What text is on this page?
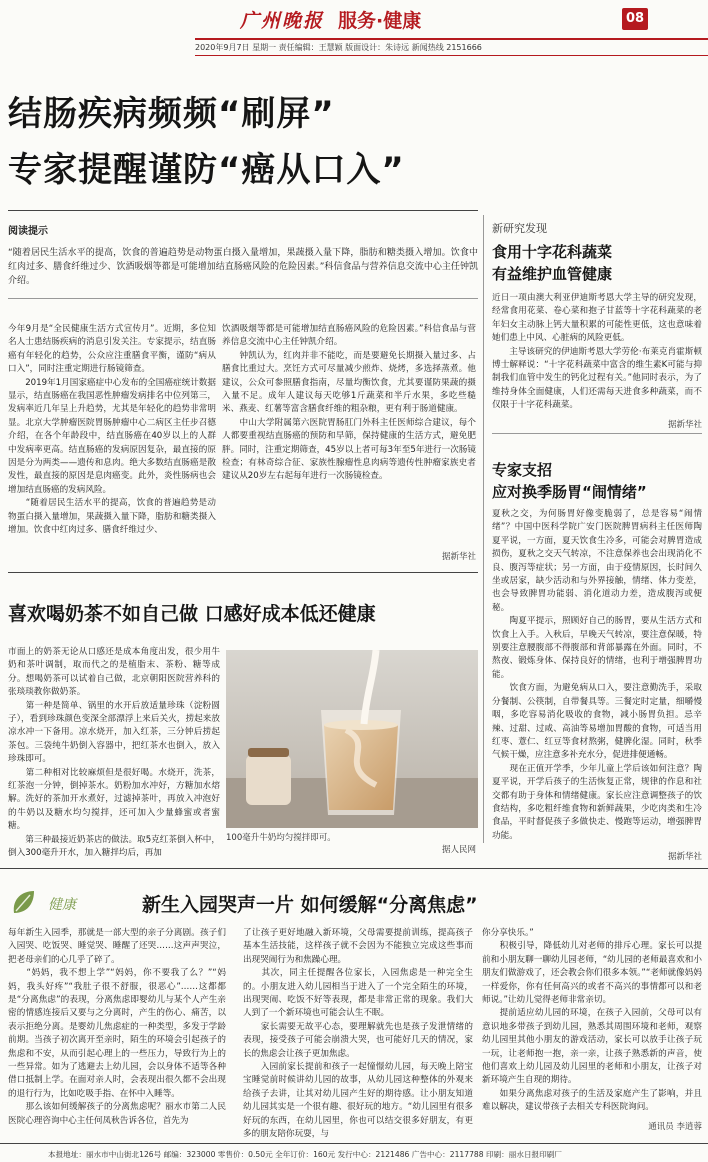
广州晚报 服务·健康	08
2020年9月7日 星期一 责任编辑：王慧颖 版面设计：朱诗远 新闻热线 2151666
结肠疾病频频“刷屏”
专家提醒谨防“癌从口入”
阅读提示
“随着居民生活水平的提高，饮食的普遍趋势是动物蛋白摄入量增加，果蔬摄入量下降，脂肪和糖类摄入增加。饮食中红肉过多、膳食纤维过少、饮酒吸烟等都是可能增加结直肠癌风险的危险因素。”科信食品与营养信息交流中心主任钟凯介绍。
今年9月是“全民健康生活方式宣传月”。近期，多位知名人士患结肠疾病的消息引发关注。专家提示，结直肠癌有年轻化的趋势，公众应注重膳食平衡，谨防“病从口入”，同时注重定期进行肠镜筛查。
　　2019年1月国家癌症中心发布的全国癌症统计数据显示，结直肠癌在我国恶性肿瘤发病排名中位列第三，发病率近几年呈上升趋势，尤其是年轻化的趋势非常明显。北京大学肿瘤医院胃肠肿瘤中心二病区主任步召德介绍，在各个年龄段中，结直肠癌在40岁以上的人群中发病率更高。结直肠癌的发病原因复杂，最直接的原因是分为两类——遗传和息肉。绝大多数结直肠癌是散发性，最直接的原因是息肉癌变。此外，炎性肠病也会增加结直肠癌的发病风险。
　　“随着居民生活水平的提高，饮食的普遍趋势是动物蛋白摄入量增加，果蔬摄入量下降，脂肪和糖类摄入增加。饮食中红肉过多、膳食纤维过少、
饮酒吸烟等都是可能增加结直肠癌风险的危险因素。”科信食品与营养信息交流中心主任钟凯介绍。
　　钟凯认为，红肉并非不能吃，而是要避免长期摄入量过多、占膳食比重过大。烹饪方式可尽量减少煎炸、烧烤，多选择蒸煮。他建议，公众可参照膳食指南，尽量均衡饮食，尤其要谨防果蔬的摄入量不足。成年人建议每天吃够1斤蔬菜和半斤水果，多吃些糙米、燕麦、红薯等富含膳食纤维的粗杂粮，更有利于肠道健康。
　　中山大学附属第六医院胃肠肛门外科主任医师综合建议，每个人都要重视结直肠癌的预防和早筛，保持健康的生活方式，避免肥胖。同时，注重定期筛查，45岁以上者可每3年至5年进行一次肠镜检查；有林奇综合征、家族性腺瘤性息肉病等遗传性肿瘤家族史者建议从20岁左右起每年进行一次肠镜检查。
据新华社
喜欢喝奶茶不如自己做 口感好成本低还健康
市面上的奶茶无论从口感还是成本角度出发，很少用牛奶和茶叶调制，取而代之的是植脂末、茶粉、糖等成分。想喝奶茶可以试着自己做，北京朝阳医院营养科的张琰琰教你做奶茶。
　　第一种是简单、锅里的水开后放适量珍珠（淀粉圆子），看到珍珠颜色变深全部漂浮上来后关火，捞起来放凉水冲一下备用。凉水烧开，加入红茶，三分钟后捞起茶包。三袋纯牛奶倒入容器中，把红茶水也倒入，放入珍珠即可。
　　第二种相对比较麻烦但是很好喝。水烧开，洗茶，红茶泡一分钟，倒掉茶水。奶粉加水冲好，方糖加水熔解。洗好的茶加开水煮好，过滤掉茶叶，再放入冲泡好的牛奶以及糖水均匀搅拌，还可加入少量蜂蜜或者蜜糖。
　　第三种最接近奶茶店的做法。取5克红茶倒入杯中，倒入300毫升开水，加入糖拌均后，再加
100毫升牛奶均匀搅拌即可。
据人民网
新研究发现
食用十字花科蔬菜
有益维护血管健康
近日一项由澳大利亚伊迪斯考恩大学主导的研究发现，经常食用花菜、卷心菜和抱子甘蓝等十字花科蔬菜的老年妇女主动脉上钙大量积累的可能性更低，这也意味着她们患上中风、心脏病的风险更低。
　　主导该研究的伊迪斯考恩大学劳伦·布莱克肖霍斯顿博士解释说：“十字花科蔬菜中富含的维生素K可能与抑制我们血管中发生的钙化过程有关。”他同时表示，为了维持身体全面健康，人们还需每天进食多种蔬菜，而不仅限于十字花科蔬菜。
据新华社
专家支招
应对换季肠胃“闹情绪”
夏秋之交，为何肠胃好像变脆弱了，总是容易“闹情绪”？中国中医科学院广安门医院脾胃病科主任医师陶夏平说，一方面，夏天饮食生冷多，可能会对脾胃造成损伤，夏秋之交天气转凉，不注意保养也会出现消化不良、腹泻等症状；另一方面，由于疫情原因，长时间久坐或居家，缺少活动和与外界接触，情绪、体力变差，也会导致脾胃功能弱、消化道动力差，造成腹泻或便秘。
　　陶夏平提示，照顾好自己的肠胃，要从生活方式和饮食上入手。入秋后，早晚天气转凉，要注意保暖，特别要注意腰腹部不得腹部和背部暴露在外面。同时，不熬夜、锻炼身体、保持良好的情绪，也利于增强脾胃功能。
　　饮食方面，为避免病从口入，要注意勤洗手，采取分餐制、公筷制，自带餐具等。三餐定时定量，细嚼慢咽，多吃容易消化吸收的食物，减小肠胃负担。忌辛辣、过甜、过咸、高油等易增加胃酸的食物，可适当用红枣、薏仁、红豆等食材熬粥，健脾化湿。同时，秋季气候干燥，应注意多补充水分，促进排便通畅。
　　现在正值开学季，少年儿童上学后该如何注意？陶夏平说，开学后孩子的生活恢复正常，规律的作息和社交都有助于身体和情绪健康。家长应注意调整孩子的饮食结构，多吃粗纤维食物和新鲜蔬果，少吃肉类和生冷食品，平时督促孩子多做快走、慢跑等运动，增强脾胃功能。
据新华社
健康	新生入园哭声一片 如何缓解“分离焦虑”
每年新生入园季，那就是一部大型的亲子分离剧。孩子们入园哭、吃饭哭、睡觉哭、睡醒了还哭……这声声哭泣，把老母亲们的心几乎了碎了。
　　“妈妈，我不想上学”“妈妈，你不要我了么？”“妈妈，我头好疼”“我肚子很不舒服，很恶心”……这都都是“分离焦虑”的表现，分离焦虑即婴幼儿与某个人产生亲密的情感连接后又要与之分离时，产生的伤心、痛苦，以表示拒绝分离。是婴幼儿焦虑症的一种类型，多发于学龄前期。当孩子初次离开至亲时，陌生的环境会引起孩子的焦虑和不安，从而引起心理上的一些压力，导致行为上的一些异常。如为了逃避去上幼儿园，会以身体不适等各种借口抵制上学。在面对亲人时，会表现出很久都不会出现的退行行为，比如吃吸手指、在怀中入睡等。
　　那么该如何缓解孩子的分离焦虑呢？丽水市第二人民医院心理咨询中心主任何凤秋告诉各位，首先为
了让孩子更好地融入新环境，父母需要提前训练，提高孩子基本生活技能，这样孩子就不会因为不能独立完成这些事而出现哭闹行为和焦躁心理。
　　其次，同主任提醒各位家长，入园焦虑是一种完全生的。小朋友进入幼儿园相当于进入了一个完全陌生的环境，出现哭闹、吃饭不好等表现，都是非常正常的现象。我们大人到了一个新环境也可能会认生不眠。
　　家长需要无故平心态，要理解就先也是孩子发泄情绪的表现，接受孩子可能会崩溃大哭，也可能好几天的情况，家长的焦虑会让孩子更加焦虑。
　　入园前家长提前和孩子一起憧憬幼儿园，每天晚上陪宝宝睡觉前时候讲幼儿园的故事，从幼儿园这种整体的外观来给孩子去讲，让其对幼儿园产生好的期待感。让小朋友知道幼儿园其实是一个很有趣、很好玩的地方。“幼儿园里有很多好玩的东西，在幼儿园里，你也可以结交很多好朋友，有更多的朋友陪你玩耍，与
你分享快乐。”
　　积极引导，降低幼儿对老师的排斥心理。家长可以提前和小朋友聊一聊幼儿园老师，“幼儿园的老师最喜欢和小朋友们做游戏了，还会教会你们很多本领。”“老师就像妈妈一样爱你，你有任何高兴的或者不高兴的事情都可以和老师说。”让幼儿觉得老师非常亲切。
　　提前适应幼儿园的环境，在孩子入园前，父母可以有意识地多带孩子到幼儿园，熟悉其周围环境和老师，观察幼儿园里其他小朋友的游戏活动，家长可以放手让孩子玩一玩，让老师抱一抱，亲一亲，让孩子熟悉新的声音，使他们喜欢上幼儿园及幼儿园里的老师和小朋友，让孩子对新环境产生自现的期待。
　　如果分离焦虑对孩子的生活及家庭产生了影响，并且难以解决，建议带孩子去相关专科医院询问。
通讯员 李逍蓉
本报地址：丽水市中山街北126号 邮编：323000 零售价：0.50元 全年订价：160元 发行中心：2121486 广告中心：2117788 印刷：丽水日报印刷厂
